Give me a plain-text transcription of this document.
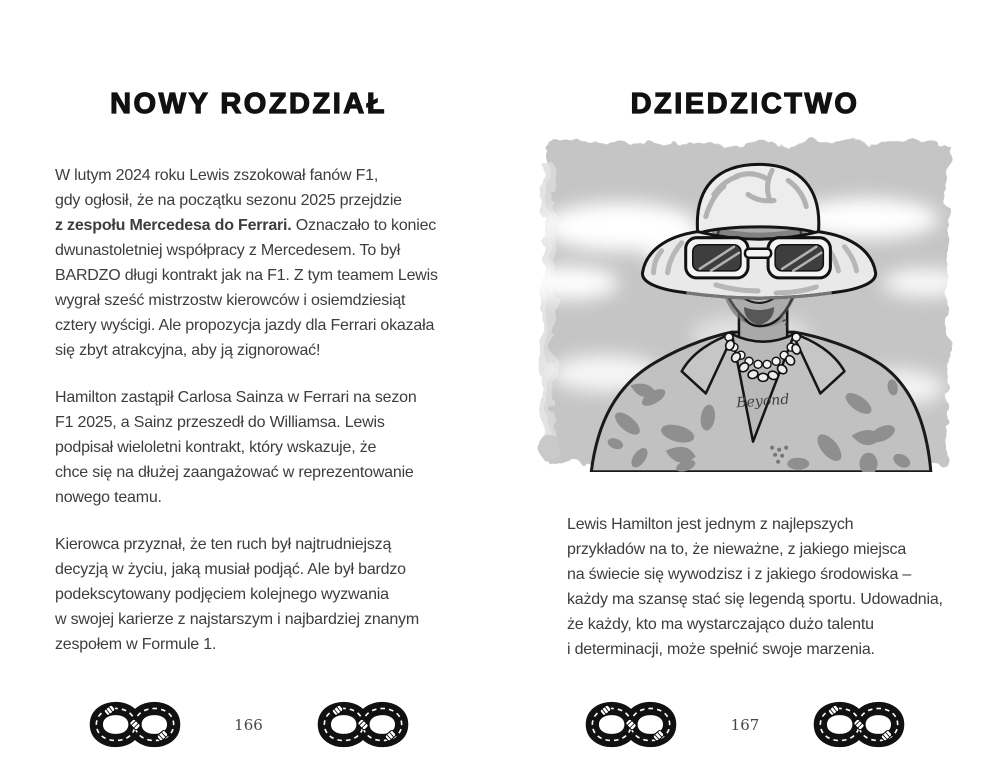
NOWY ROZDZIAŁ
W lutym 2024 roku Lewis zszokował fanów F1,
gdy ogłosił, że na początku sezonu 2025 przejdzie
z zespołu Mercedesa do Ferrari. Oznaczało to koniec
dwunastoletniej współpracy z Mercedesem. To był
BARDZO długi kontrakt jak na F1. Z tym teamem Lewis
wygrał sześć mistrzostw kierowców i osiemdziesiąt
cztery wyścigi. Ale propozycja jazdy dla Ferrari okazała
się zbyt atrakcyjna, aby ją zignorować!
Hamilton zastąpił Carlosa Sainza w Ferrari na sezon
F1 2025, a Sainz przeszedł do Williamsa. Lewis
podpisał wieloletni kontrakt, który wskazuje, że
chce się na dłużej zaangażować w reprezentowanie
nowego teamu.
Kierowca przyznał, że ten ruch był najtrudniejszą
decyzją w życiu, jaką musiał podjąć. Ale był bardzo
podekscytowany podjęciem kolejnego wyzwania
w swojej karierze z najstarszym i najbardziej znanym
zespołem w Formule 1.
166
DZIEDZICTWO
Beyond
Lewis Hamilton jest jednym z najlepszych
przykładów na to, że nieważne, z jakiego miejsca
na świecie się wywodzisz i z jakiego środowiska –
każdy ma szansę stać się legendą sportu. Udowadnia,
że każdy, kto ma wystarczająco dużo talentu
i determinacji, może spełnić swoje marzenia.
167
